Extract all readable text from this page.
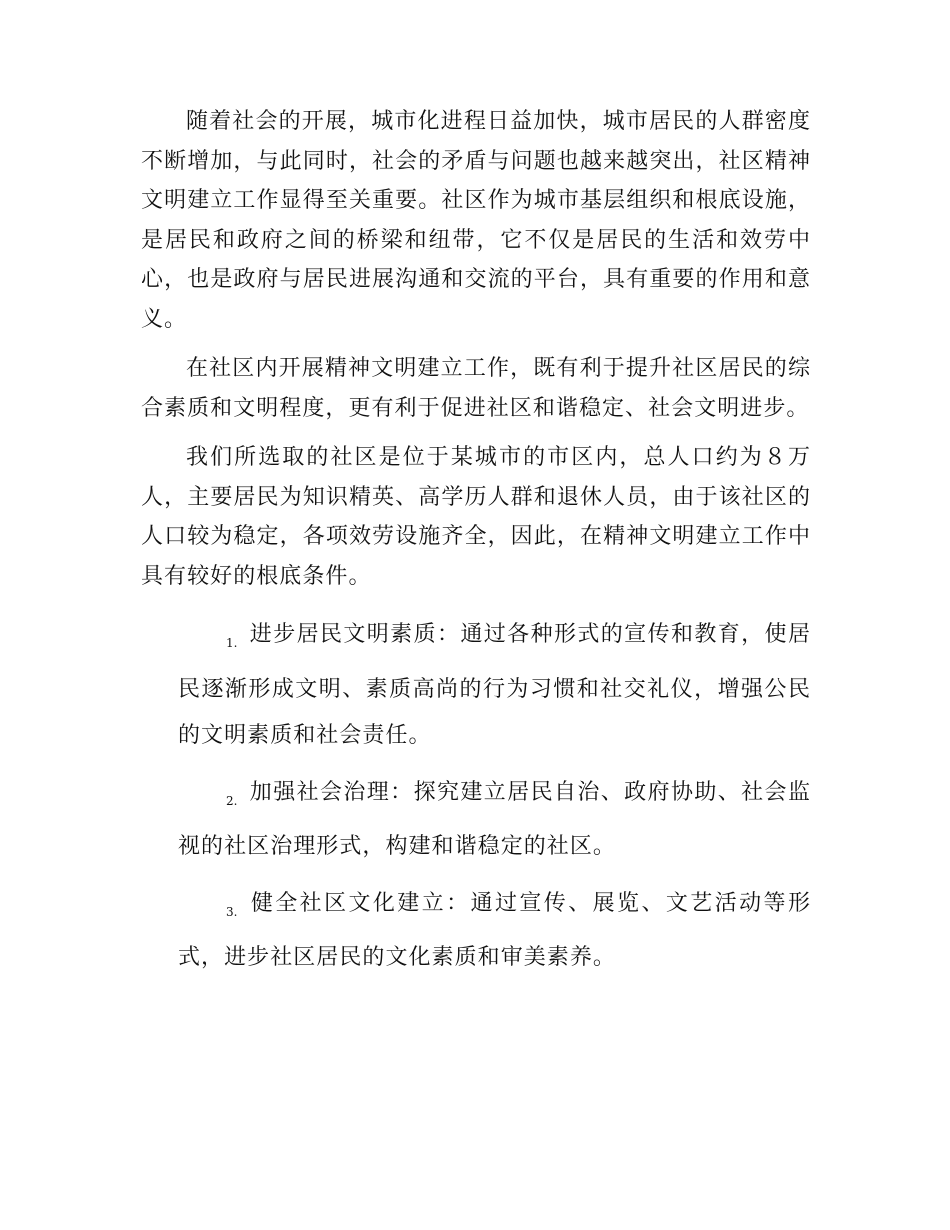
随着社会的开展，城市化进程日益加快，城市居民的人群密度不断增加，与此同时，社会的矛盾与问题也越来越突出，社区精神文明建立工作显得至关重要。社区作为城市基层组织和根底设施，是居民和政府之间的桥梁和纽带，它不仅是居民的生活和效劳中心，也是政府与居民进展沟通和交流的平台，具有重要的作用和意义。

在社区内开展精神文明建立工作，既有利于提升社区居民的综合素质和文明程度，更有利于促进社区和谐稳定、社会文明进步。

我们所选取的社区是位于某城市的市区内，总人口约为８万人，主要居民为知识精英、高学历人群和退休人员，由于该社区的人口较为稳定，各项效劳设施齐全，因此，在精神文明建立工作中具有较好的根底条件。

1. 进步居民文明素质：通过各种形式的宣传和教育，使居民逐渐形成文明、素质高尚的行为习惯和社交礼仪，增强公民的文明素质和社会责任。
2. 加强社会治理：探究建立居民自治、政府协助、社会监视的社区治理形式，构建和谐稳定的社区。
3. 健全社区文化建立：通过宣传、展览、文艺活动等形式，进步社区居民的文化素质和审美素养。
